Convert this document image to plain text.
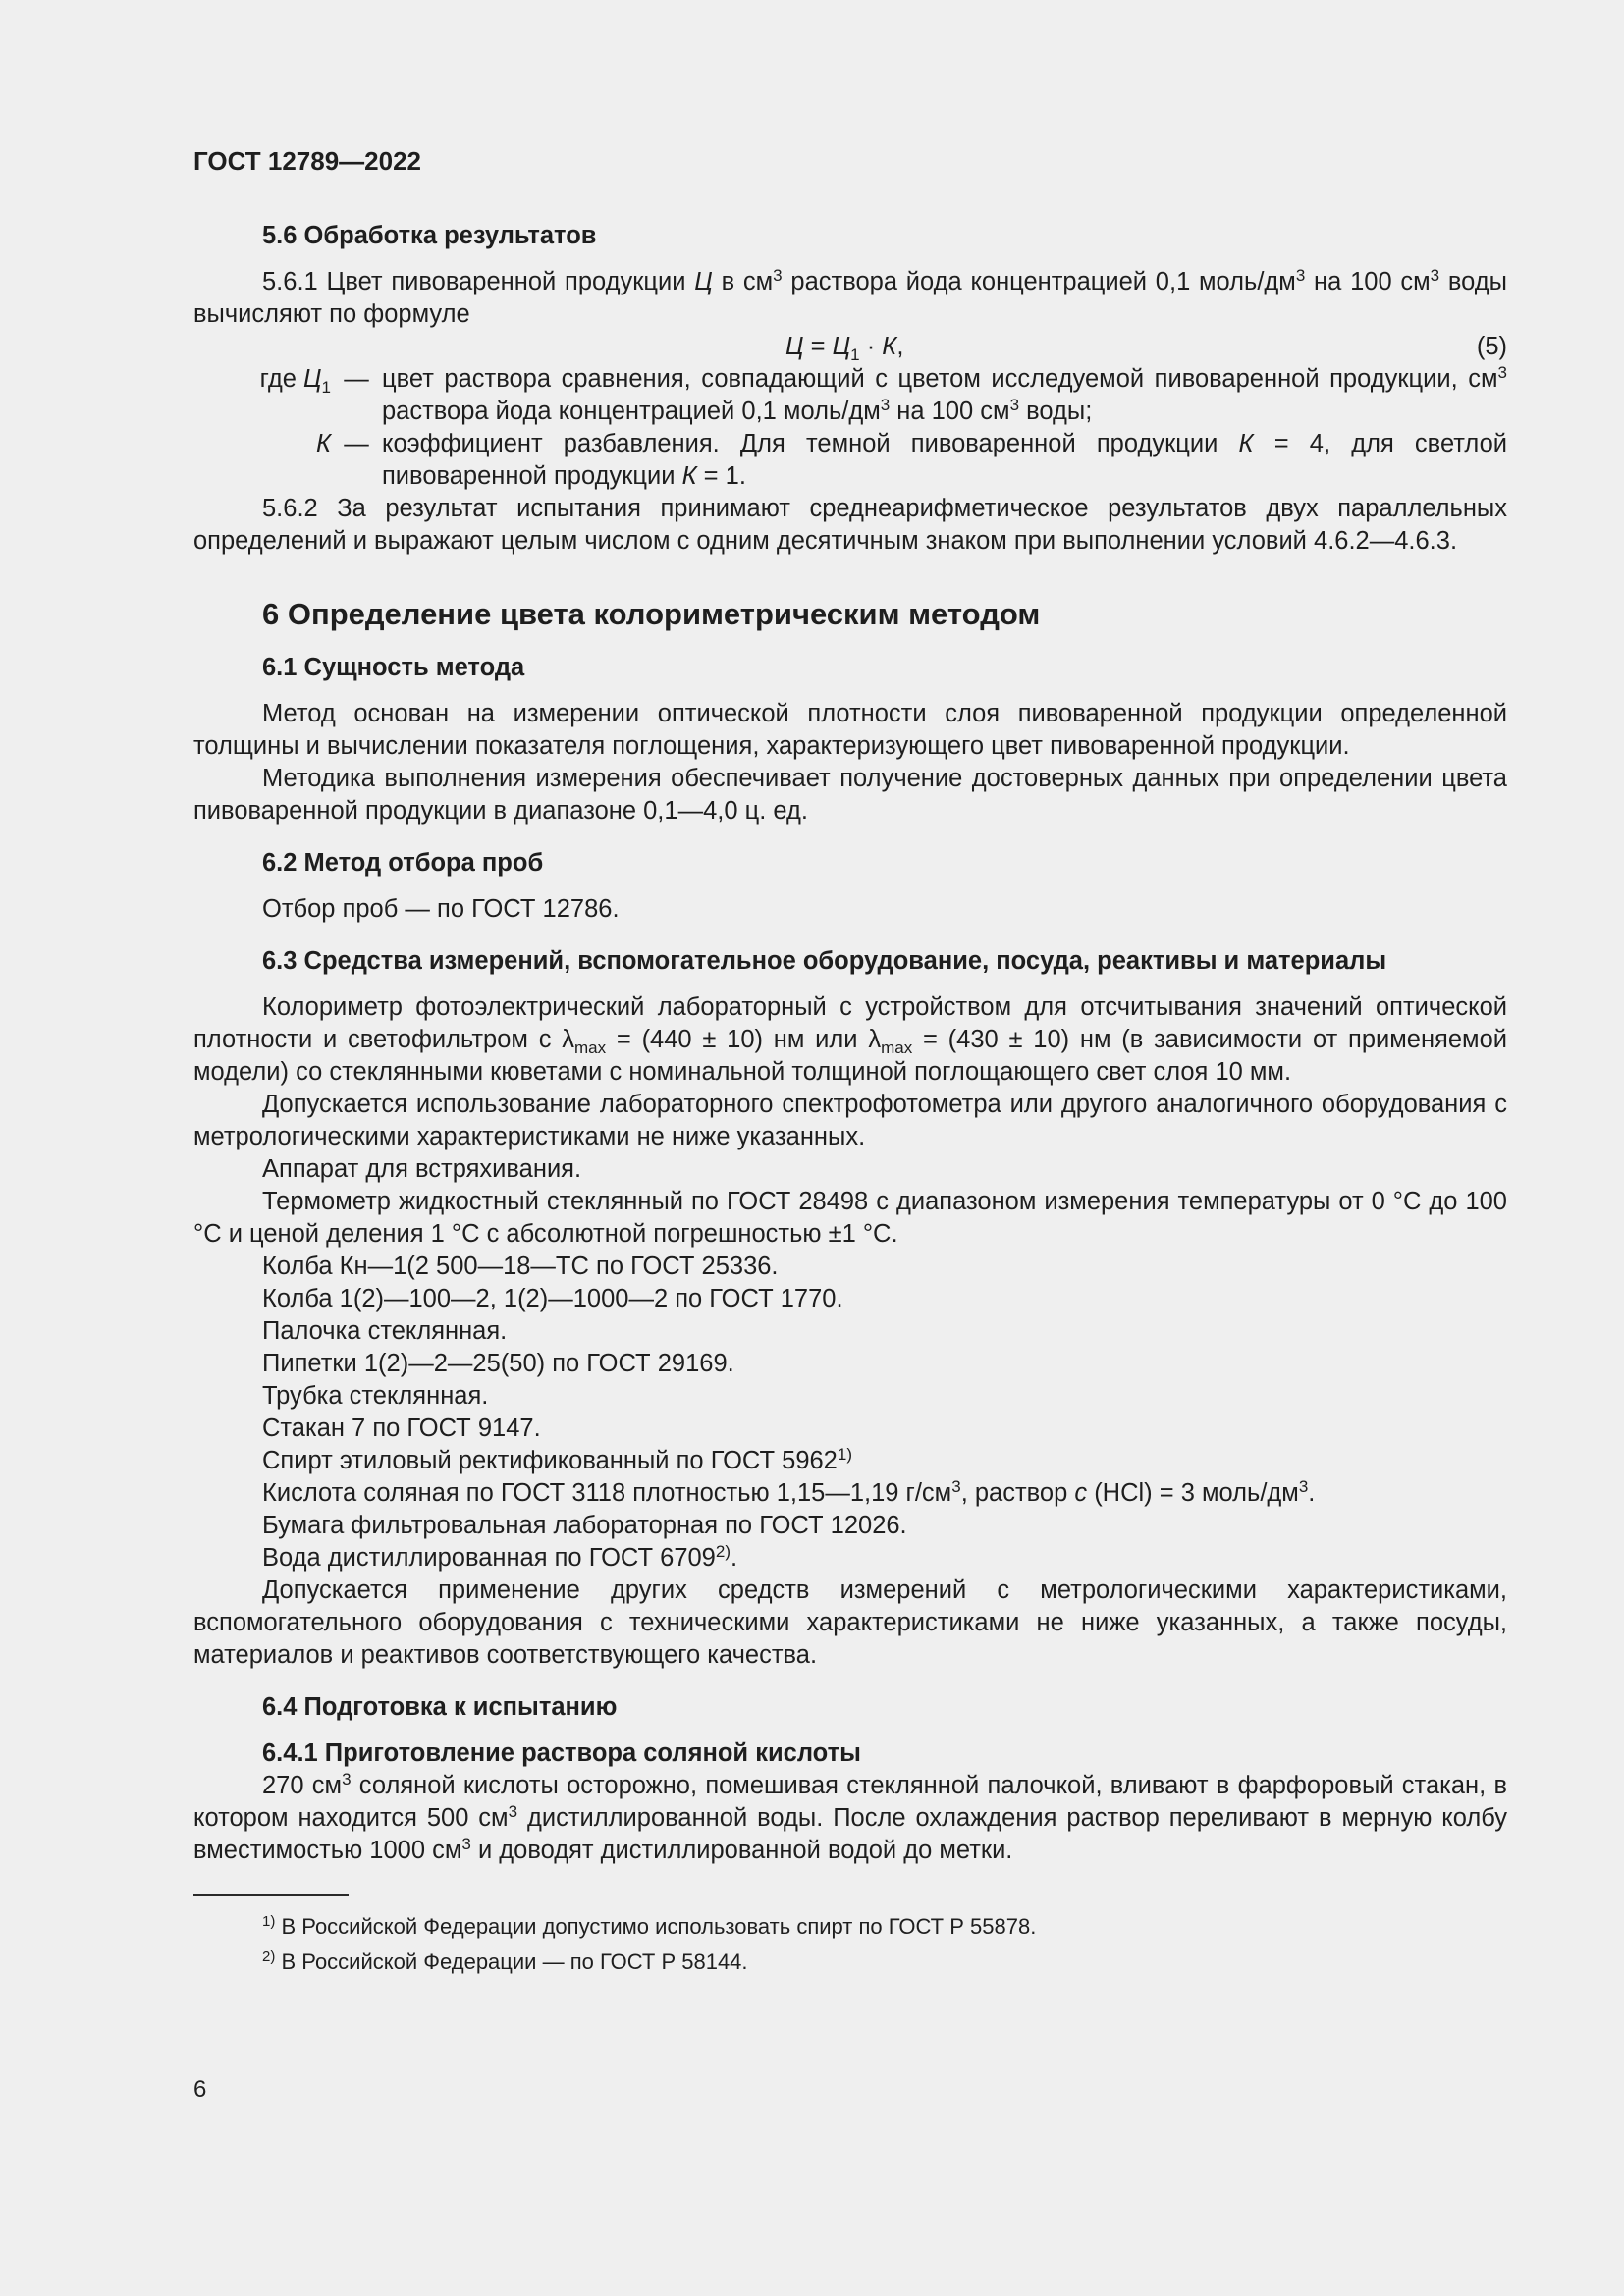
ГОСТ 12789—2022
5.6 Обработка результатов

5.6.1 Цвет пивоваренной продукции Ц в $см^3$ раствора йода концентрацией 0,1 моль/$дм^3$ на 100 $см^3$ воды вычисляют по формуле

$Ц = Ц_1 \cdot К$,	(5)
где $Ц_1$ — цвет раствора сравнения, совпадающий с цветом исследуемой пивоваренной продукции, $см^3$ раствора йода концентрацией 0,1 моль/$дм^3$ на 100 $см^3$ воды;
К — коэффициент разбавления. Для темной пивоваренной продукции К = 4, для светлой пивоваренной продукции К = 1.

5.6.2 За результат испытания принимают среднеарифметическое результатов двух параллельных определений и выражают целым числом с одним десятичным знаком при выполнении условий 4.6.2—4.6.3.

6 Определение цвета колориметрическим методом
6.1 Сущность метода

Метод основан на измерении оптической плотности слоя пивоваренной продукции определенной толщины и вычислении показателя поглощения, характеризующего цвет пивоваренной продукции.

Методика выполнения измерения обеспечивает получение достоверных данных при определении цвета пивоваренной продукции в диапазоне 0,1—4,0 ц. ед.

6.2 Метод отбора проб

Отбор проб — по ГОСТ 12786.

6.3 Средства измерений, вспомогательное оборудование, посуда, реактивы и материалы

Колориметр фотоэлектрический лабораторный с устройством для отсчитывания значений оптической плотности и светофильтром с $\lambda_{max} = (440 \pm 10)$ нм или $\lambda_{max} = (430 \pm 10)$ нм (в зависимости от применяемой модели) со стеклянными кюветами с номинальной толщиной поглощающего свет слоя 10 мм.

Допускается использование лабораторного спектрофотометра или другого аналогичного оборудования с метрологическими характеристиками не ниже указанных.

Аппарат для встряхивания.

Термометр жидкостный стеклянный по ГОСТ 28498 с диапазоном измерения температуры от 0 °С до 100 °С и ценой деления 1 °С с абсолютной погрешностью ±1 °С.

Колба Кн—1(2 500—18—ТС по ГОСТ 25336.

Колба 1(2)—100—2, 1(2)—1000—2 по ГОСТ 1770.

Палочка стеклянная.

Пипетки 1(2)—2—25(50) по ГОСТ 29169.

Трубка стеклянная.

Стакан 7 по ГОСТ 9147.

Спирт этиловый ректификованный по ГОСТ 5962$^{1)}$

Кислота соляная по ГОСТ 3118 плотностью 1,15—1,19 $г/см^3$, раствор с (HCl) = 3 моль/$дм^3$.

Бумага фильтровальная лабораторная по ГОСТ 12026.

Вода дистиллированная по ГОСТ 6709$^{2)}$.

Допускается применение других средств измерений с метрологическими характеристиками, вспомогательного оборудования с техническими характеристиками не ниже указанных, а также посуды, материалов и реактивов соответствующего качества.

6.4 Подготовка к испытанию
6.4.1 Приготовление раствора соляной кислоты

270 $см^3$ соляной кислоты осторожно, помешивая стеклянной палочкой, вливают в фарфоровый стакан, в котором находится 500 $см^3$ дистиллированной воды. После охлаждения раствор переливают в мерную колбу вместимостью 1000 $см^3$ и доводят дистиллированной водой до метки.

$^{1)}$ В Российской Федерации допустимо использовать спирт по ГОСТ Р 55878.
$^{2)}$ В Российской Федерации — по ГОСТ Р 58144.
6
